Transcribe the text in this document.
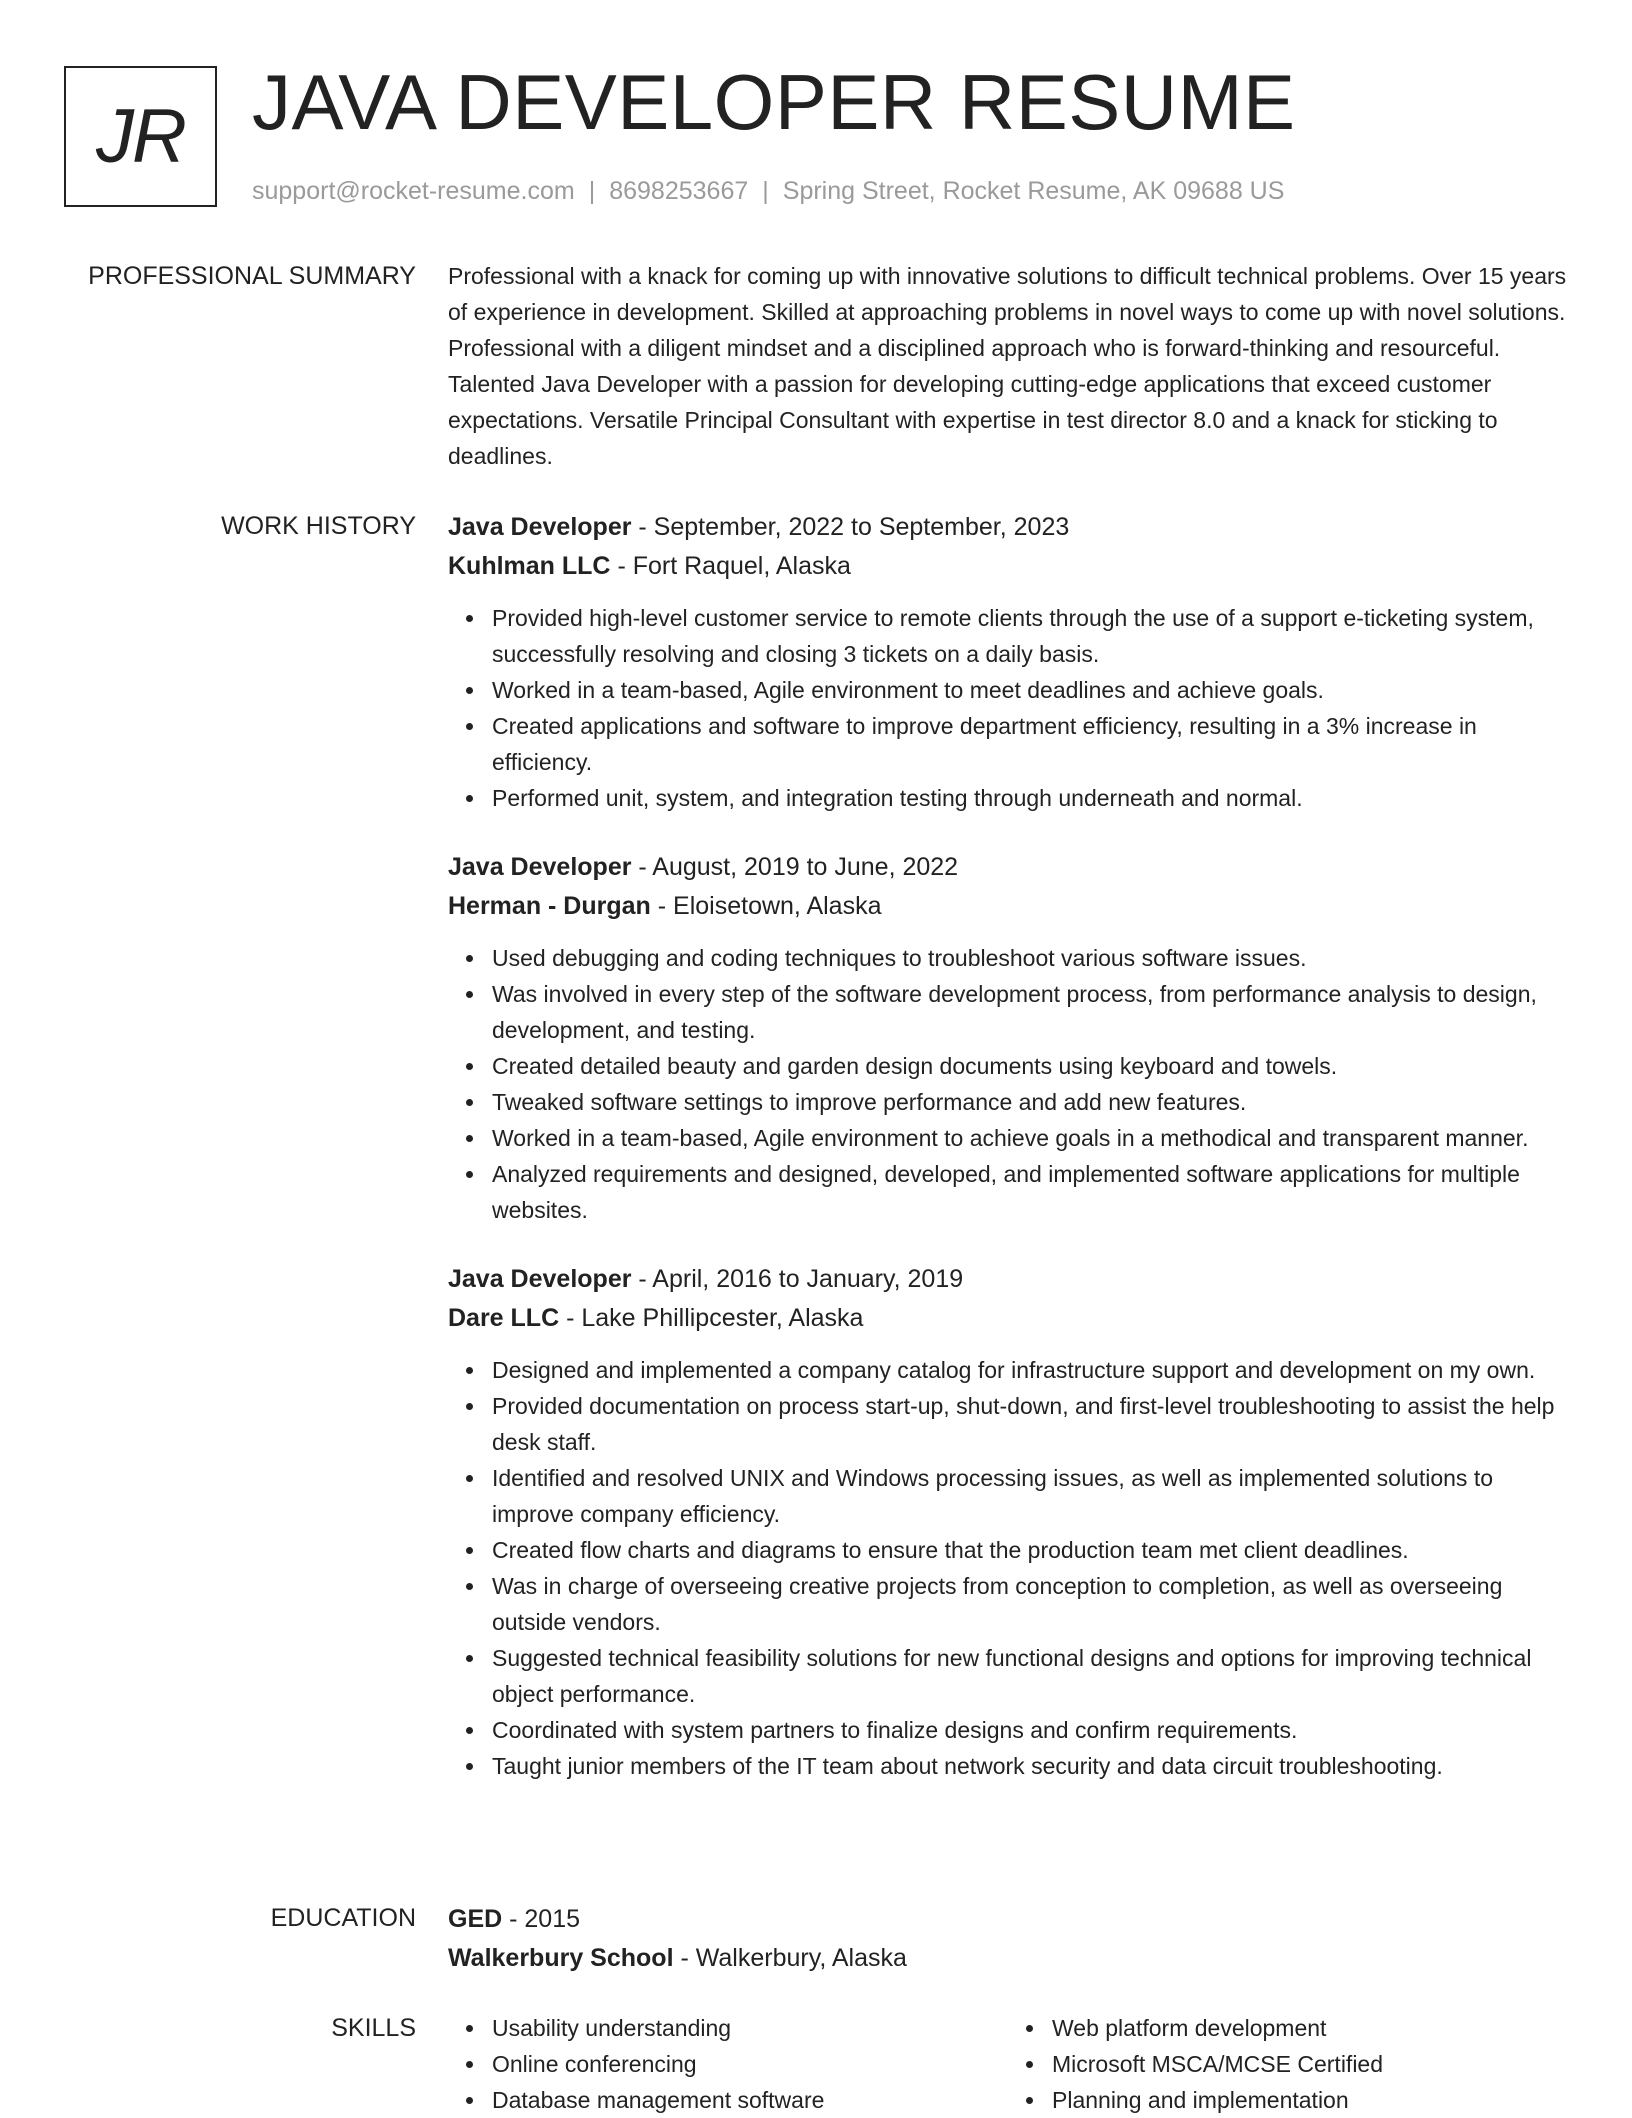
JR JAVA DEVELOPER RESUME
support@rocket-resume.com | 8698253667 | Spring Street, Rocket Resume, AK 09688 US
PROFESSIONAL SUMMARY Professional with a knack for coming up with innovative solutions to difficult technical problems. Over 15 years of experience in development. Skilled at approaching problems in novel ways to come up with novel solutions. Professional with a diligent mindset and a disciplined approach who is forward-thinking and resourceful. Talented Java Developer with a passion for developing cutting-edge applications that exceed customer expectations. Versatile Principal Consultant with expertise in test director 8.0 and a knack for sticking to deadlines.

WORK HISTORY Java Developer - September, 2022 to September, 2023

Kuhlman LLC - Fort Raquel, Alaska

Provided high-level customer service to remote clients through the use of a support e-ticketing system, successfully resolving and closing 3 tickets on a daily basis.
Worked in a team-based, Agile environment to meet deadlines and achieve goals.
Created applications and software to improve department efficiency, resulting in a 3% increase in efficiency.
Performed unit, system, and integration testing through underneath and normal.

Java Developer - August, 2019 to June, 2022

Herman - Durgan - Eloisetown, Alaska

Used debugging and coding techniques to troubleshoot various software issues.
Was involved in every step of the software development process, from performance analysis to design, development, and testing.
Created detailed beauty and garden design documents using keyboard and towels.
Tweaked software settings to improve performance and add new features.
Worked in a team-based, Agile environment to achieve goals in a methodical and transparent manner.
Analyzed requirements and designed, developed, and implemented software applications for multiple websites.

Java Developer - April, 2016 to January, 2019

Dare LLC - Lake Phillipcester, Alaska

Designed and implemented a company catalog for infrastructure support and development on my own.
Provided documentation on process start-up, shut-down, and first-level troubleshooting to assist the help desk staff.
Identified and resolved UNIX and Windows processing issues, as well as implemented solutions to improve company efficiency.
Created flow charts and diagrams to ensure that the production team met client deadlines.
Was in charge of overseeing creative projects from conception to completion, as well as overseeing outside vendors.
Suggested technical feasibility solutions for new functional designs and options for improving technical object performance.
Coordinated with system partners to finalize designs and confirm requirements.
Taught junior members of the IT team about network security and data circuit troubleshooting.
EDUCATION GED - 2015

Walkerbury School - Walkerbury, Alaska

SKILLS	Usability understanding
Online conferencing
Database management software
Web platform development
Microsoft MSCA/MCSE Certified
Planning and implementation
